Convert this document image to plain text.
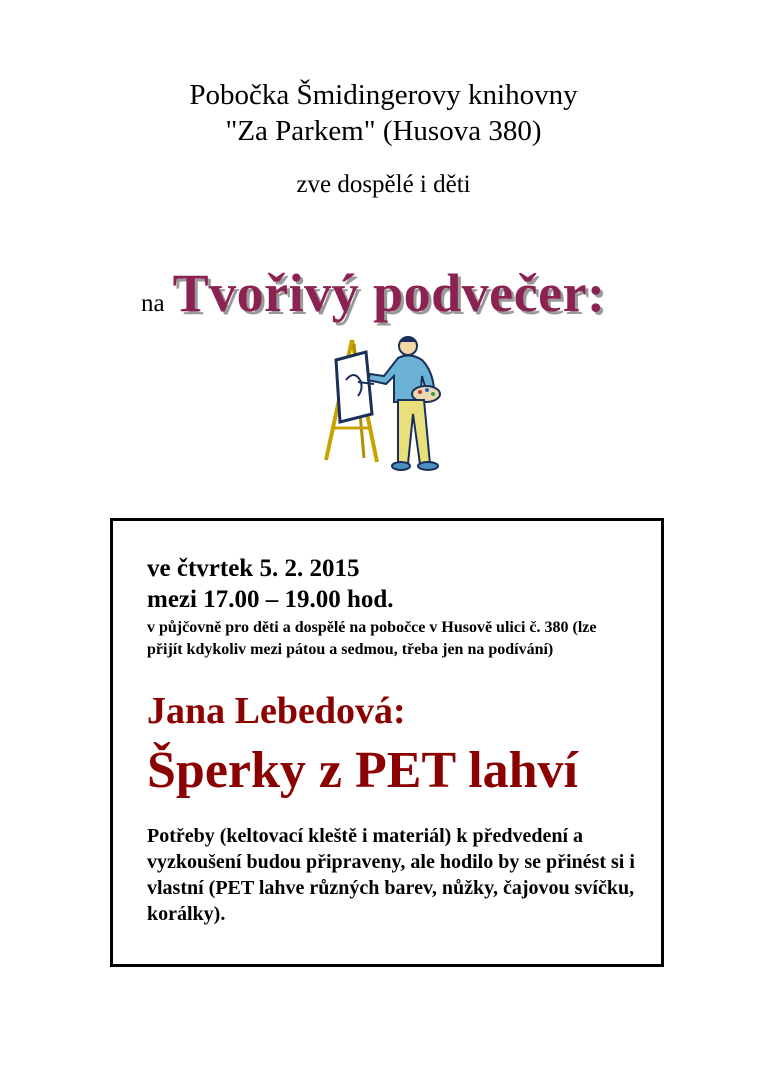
Pobočka Šmidingerovy knihovny
"Za Parkem" (Husova 380)
zve dospělé i děti
na Tvořivý podvečer:
ve čtvrtek 5. 2. 2015
mezi 17.00 – 19.00 hod.
v půjčovně pro děti a dospělé na pobočce v Husově ulici č. 380 (lze přijít kdykoliv mezi pátou a sedmou, třeba jen na podívání)
Jana Lebedová:
Šperky z PET lahví
Potřeby (keltovací kleště i materiál) k předvedení a vyzkoušení budou připraveny, ale hodilo by se přinést si i vlastní (PET lahve různých barev, nůžky, čajovou svíčku, korálky).
